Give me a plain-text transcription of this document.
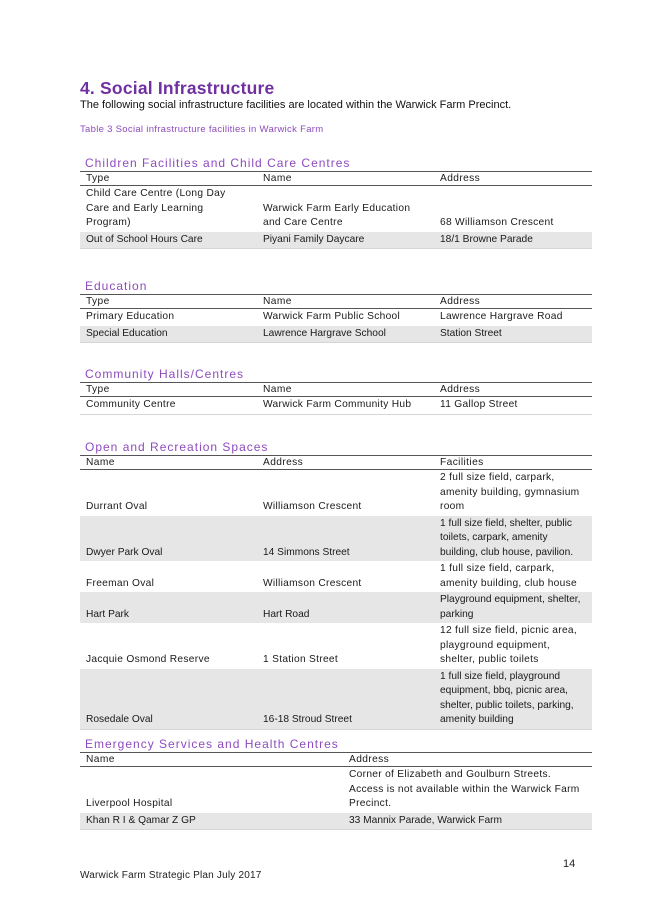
4. Social Infrastructure
The following social infrastructure facilities are located within the Warwick Farm Precinct.
Table 3 Social infrastructure facilities in Warwick Farm
Children Facilities and Child Care Centres
Type	Name	Address
Child Care Centre (Long Day Care and Early Learning Program)	Warwick Farm Early Education and Care Centre	68 Williamson Crescent
Out of School Hours Care	Piyani Family Daycare	18/1 Browne Parade
Education
Type	Name	Address
Primary Education	Warwick Farm Public School	Lawrence Hargrave Road
Special Education	Lawrence Hargrave School	Station Street
Community Halls/Centres
Type	Name	Address
Community Centre	Warwick Farm Community Hub	11 Gallop Street
Open and Recreation Spaces
Name	Address	Facilities
Durrant Oval	Williamson Crescent	2 full size field, carpark, amenity building, gymnasium room
Dwyer Park Oval	14 Simmons Street	1 full size field, shelter, public toilets, carpark, amenity building, club house, pavilion.
Freeman Oval	Williamson Crescent	1 full size field, carpark, amenity building, club house
Hart Park	Hart Road	Playground equipment, shelter, parking
Jacquie Osmond Reserve	1 Station Street	12 full size field, picnic area, playground equipment, shelter, public toilets
Rosedale Oval	16-18 Stroud Street	1 full size field, playground equipment, bbq, picnic area, shelter, public toilets, parking, amenity building
Emergency Services and Health Centres
Name	Address
Liverpool Hospital	Corner of Elizabeth and Goulburn Streets. Access is not available within the Warwick Farm Precinct.
Khan R I & Qamar Z GP	33 Mannix Parade, Warwick Farm
14
Warwick Farm Strategic Plan July 2017
